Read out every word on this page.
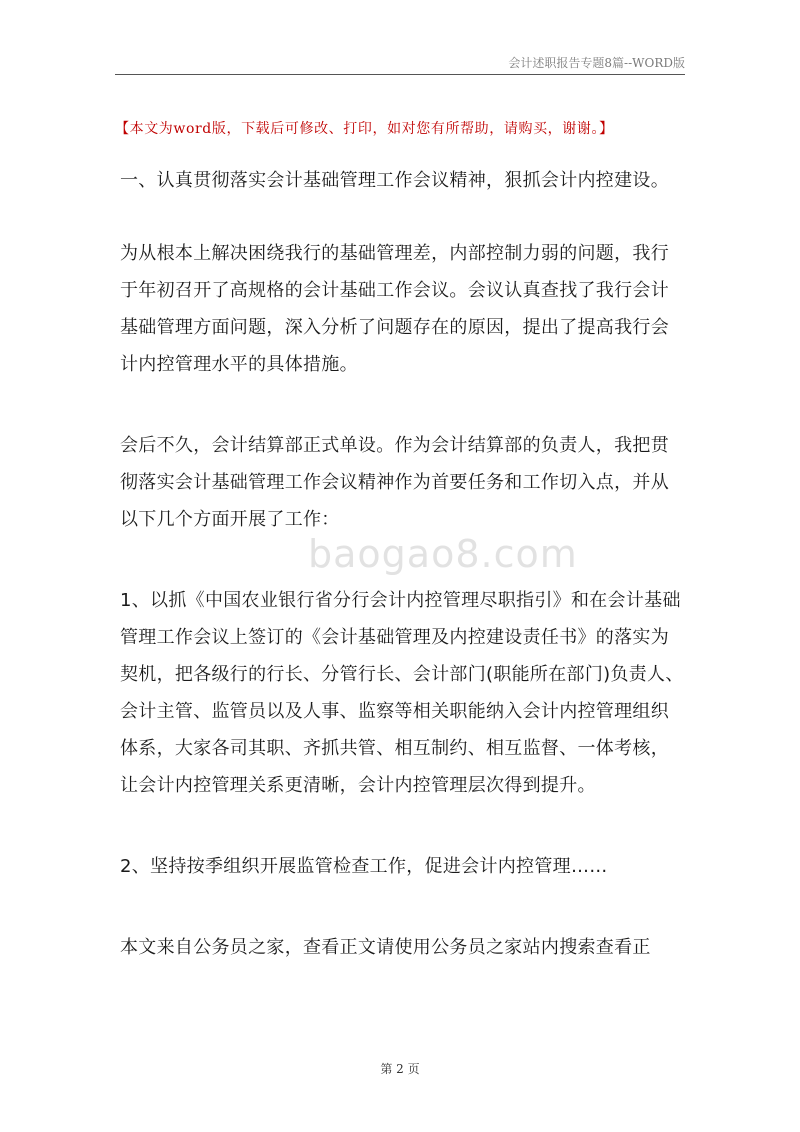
会计述职报告专题8篇--WORD版
【本文为word版，下载后可修改、打印，如对您有所帮助，请购买，谢谢。】

一、认真贯彻落实会计基础管理工作会议精神，狠抓会计内控建设。

为从根本上解决困绕我行的基础管理差，内部控制力弱的问题，我行于年初召开了高规格的会计基础工作会议。会议认真查找了我行会计基础管理方面问题，深入分析了问题存在的原因，提出了提高我行会计内控管理水平的具体措施。

会后不久，会计结算部正式单设。作为会计结算部的负责人，我把贯彻落实会计基础管理工作会议精神作为首要任务和工作切入点，并从以下几个方面开展了工作：

1、以抓《中国农业银行省分行会计内控管理尽职指引》和在会计基础管理工作会议上签订的《会计基础管理及内控建设责任书》的落实为契机，把各级行的行长、分管行长、会计部门(职能所在部门)负责人、会计主管、监管员以及人事、监察等相关职能纳入会计内控管理组织体系，大家各司其职、齐抓共管、相互制约、相互监督、一体考核，让会计内控管理关系更清晰，会计内控管理层次得到提升。

2、坚持按季组织开展监管检查工作，促进会计内控管理……

本文来自公务员之家，查看正文请使用公务员之家站内搜索查看正

baogao8.com
第 2 页
